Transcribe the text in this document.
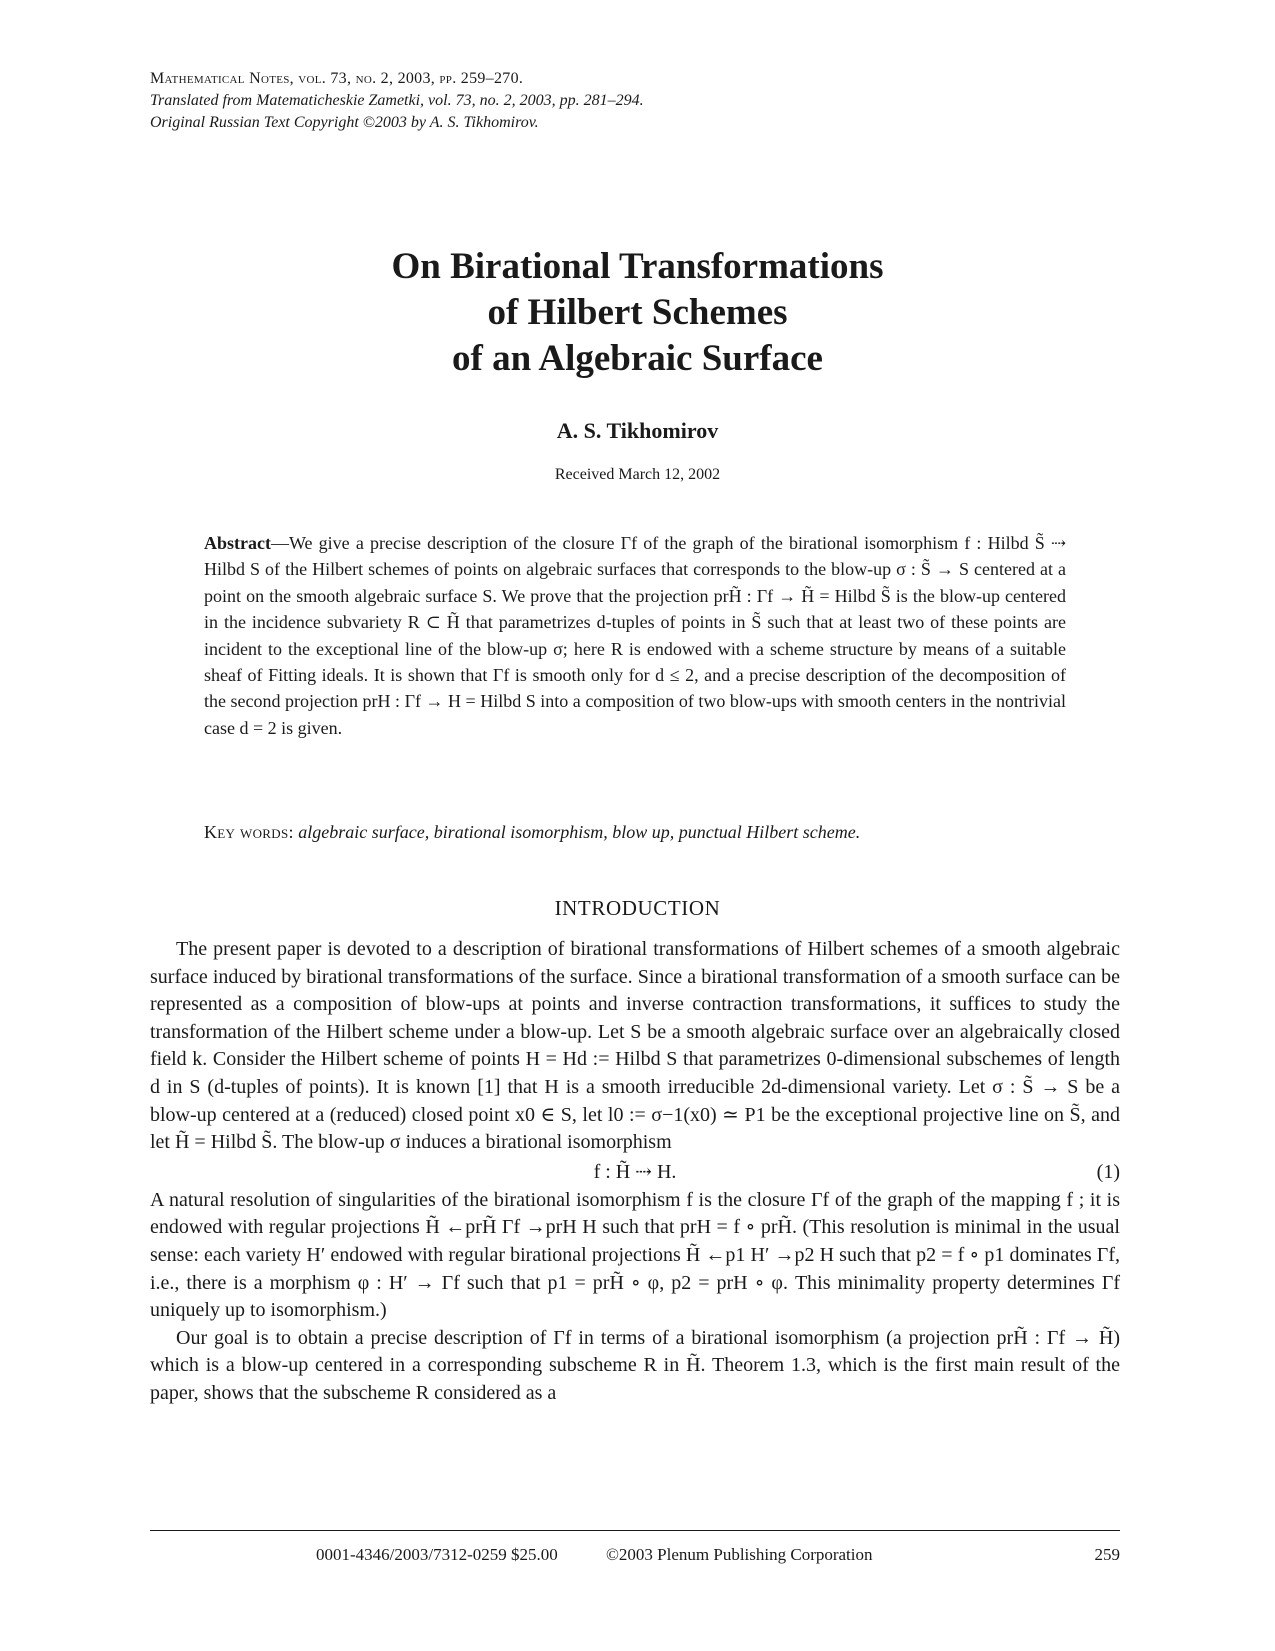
Mathematical Notes, vol. 73, no. 2, 2003, pp. 259–270.
Translated from Matematicheskie Zametki, vol. 73, no. 2, 2003, pp. 281–294.
Original Russian Text Copyright ©2003 by A. S. Tikhomirov.
On Birational Transformations
of Hilbert Schemes
of an Algebraic Surface
A. S. Tikhomirov
Received March 12, 2002
Abstract—We give a precise description of the closure Γf of the graph of the birational isomorphism f : Hilbd S̃ ⇢ Hilbd S of the Hilbert schemes of points on algebraic surfaces that corresponds to the blow-up σ : S̃ → S centered at a point on the smooth algebraic surface S. We prove that the projection prH̃ : Γf → H̃ = Hilbd S̃ is the blow-up centered in the incidence subvariety R ⊂ H̃ that parametrizes d-tuples of points in S̃ such that at least two of these points are incident to the exceptional line of the blow-up σ; here R is endowed with a scheme structure by means of a suitable sheaf of Fitting ideals. It is shown that Γf is smooth only for d ≤ 2, and a precise description of the decomposition of the second projection prH : Γf → H = Hilbd S into a composition of two blow-ups with smooth centers in the nontrivial case d = 2 is given.
Key words: algebraic surface, birational isomorphism, blow up, punctual Hilbert scheme.
INTRODUCTION

The present paper is devoted to a description of birational transformations of Hilbert schemes of a smooth algebraic surface induced by birational transformations of the surface. Since a birational transformation of a smooth surface can be represented as a composition of blow-ups at points and inverse contraction transformations, it suffices to study the transformation of the Hilbert scheme under a blow-up. Let S be a smooth algebraic surface over an algebraically closed field k. Consider the Hilbert scheme of points H = Hd := Hilbd S that parametrizes 0-dimensional subschemes of length d in S (d-tuples of points). It is known [1] that H is a smooth irreducible 2d-dimensional variety. Let σ : S̃ → S be a blow-up centered at a (reduced) closed point x0 ∈ S, let l0 := σ−1(x0) ≃ P1 be the exceptional projective line on S̃, and let H̃ = Hilbd S̃. The blow-up σ induces a birational isomorphism

f : H̃ ⇢ H.	(1)

A natural resolution of singularities of the birational isomorphism f is the closure Γf of the graph of the mapping f ; it is endowed with regular projections H̃ ←prH̃ Γf →prH H such that prH = f ∘ prH̃. (This resolution is minimal in the usual sense: each variety H′ endowed with regular birational projections H̃ ←p1 H′ →p2 H such that p2 = f ∘ p1 dominates Γf, i.e., there is a morphism φ : H′ → Γf such that p1 = prH̃ ∘ φ, p2 = prH ∘ φ. This minimality property determines Γf uniquely up to isomorphism.)

Our goal is to obtain a precise description of Γf in terms of a birational isomorphism (a projection prH̃ : Γf → H̃) which is a blow-up centered in a corresponding subscheme R in H̃. Theorem 1.3, which is the first main result of the paper, shows that the subscheme R considered as a

0001-4346/2003/7312-0259 $25.00	©2003 Plenum Publishing Corporation	259
